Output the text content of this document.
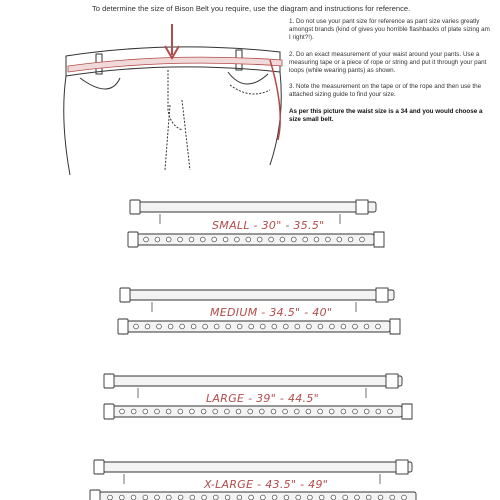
To determine the size of Bison Belt you require, use the diagram and instructions for reference.

1. Do not use your pant size for reference as pant size varies greatly amongst brands (kind of gives you horrible flashbacks of plate sizing am I right?!).

2. Do an exact measurement of your waist around your pants. Use a measuring tape or a piece of rope or string and put it through your pant loops (while wearing pants) as shown.

3. Note the measurement on the tape or of the rope and then use the attached sizing guide to find your size.

As per this picture the waist size is a 34 and you would choose a size small belt.

SMALL - 30" - 35.5"
MEDIUM - 34.5" - 40"
LARGE - 39" - 44.5"
X-LARGE - 43.5" - 49"
